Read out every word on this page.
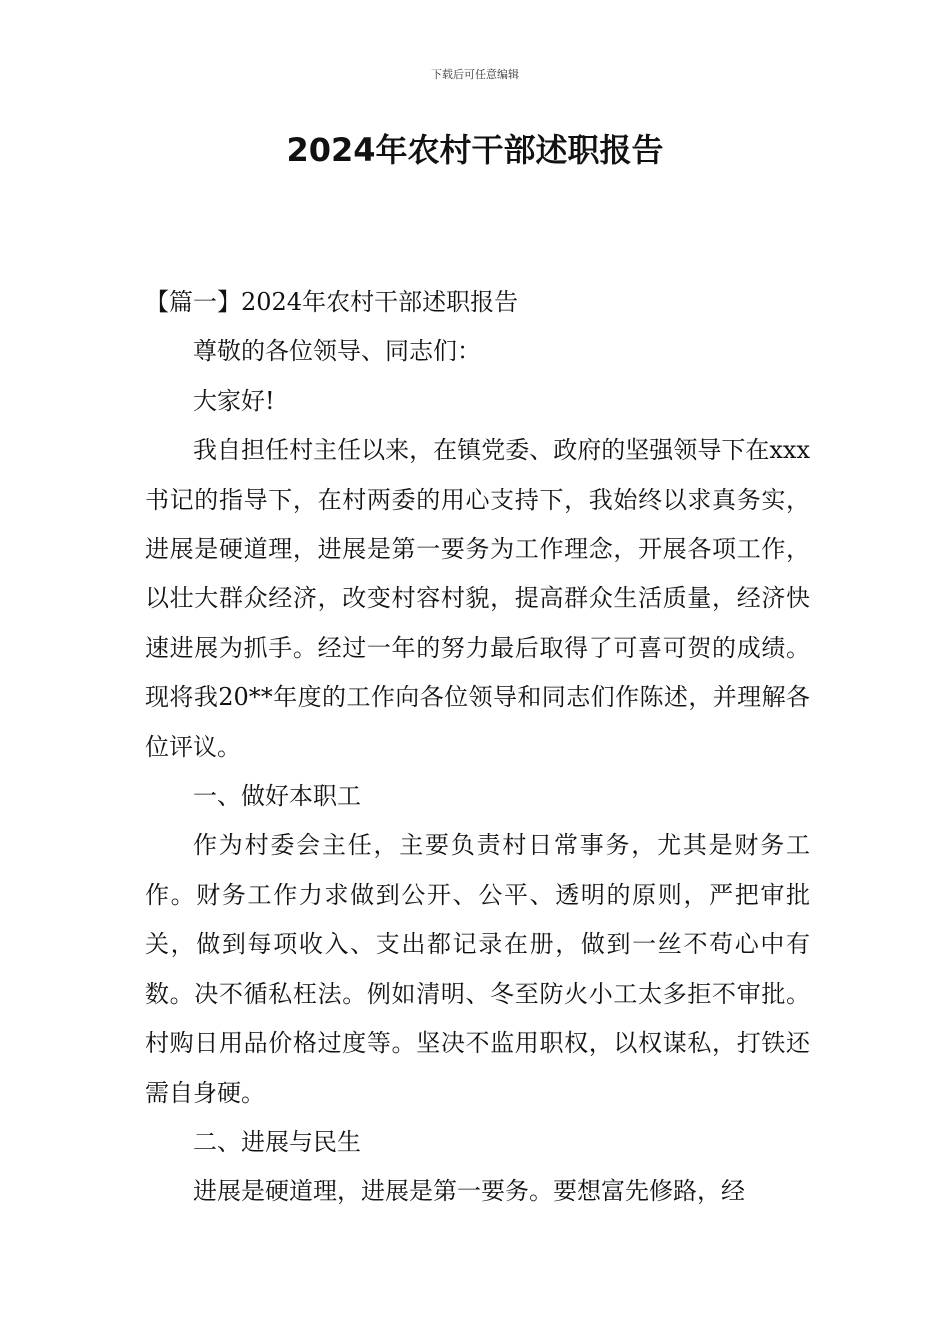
下载后可任意编辑
2024年农村干部述职报告

【篇一】2024年农村干部述职报告

尊敬的各位领导、同志们：

大家好!

我自担任村主任以来，在镇党委、政府的坚强领导下在xxx书记的指导下，在村两委的用心支持下，我始终以求真务实，进展是硬道理，进展是第一要务为工作理念，开展各项工作，以壮大群众经济，改变村容村貌，提高群众生活质量，经济快速进展为抓手。经过一年的努力最后取得了可喜可贺的成绩。现将我20**年度的工作向各位领导和同志们作陈述，并理解各位评议。

一、做好本职工

作为村委会主任，主要负责村日常事务，尤其是财务工作。财务工作力求做到公开、公平、透明的原则，严把审批关，做到每项收入、支出都记录在册，做到一丝不苟心中有数。决不循私枉法。例如清明、冬至防火小工太多拒不审批。村购日用品价格过度等。坚决不监用职权，以权谋私，打铁还需自身硬。

二、进展与民生

进展是硬道理，进展是第一要务。要想富先修路，经
